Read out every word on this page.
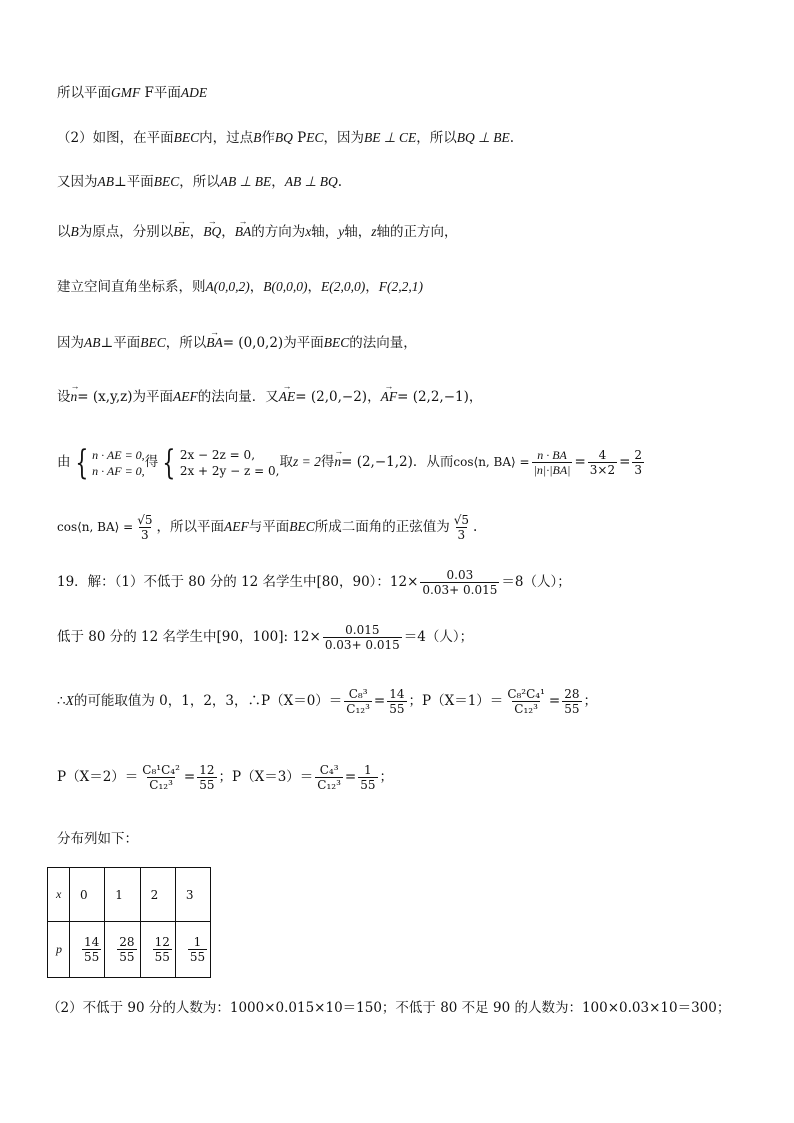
所以平面GMF F平面ADE
（2）如图，在平面BEC内，过点B作BQ PEC，因为BE ⊥ CE，所以BQ ⊥ BE.
又因为AB⊥平面BEC，所以AB ⊥ BE，AB ⊥ BQ.
以B为原点，分别以→ BE，→ BQ，→ BA的方向为x轴，y轴，z轴的正方向，
建立空间直角坐标系，则A(0,0,2)，B(0,0,0)，E(2,0,0)，F(2,2,1)
因为AB⊥平面BEC，所以→ BA= (0,0,2)为平面BEC的法向量，
设→ n= (x,y,z)为平面AEF的法向量．又→ AE= (2,0,−2)，→ AF= (2,2,−1)，
由 { n · AE = 0,
n · AF = 0,
得 { 2x − 2z = 0,
2x + 2y − z = 0,
取z = 2得→ n= (2,−1,2)．从而cos⟨n, BA⟩ = $\frac{n \cdot BA}{|n|\cdot|BA|} = \frac{4}{3\times 2} = \frac{2}{3}$
cos⟨n, BA⟩ = $\frac{√5}{3}$ ，所以平面AEF与平面BEC所成二面角的正弦值为 $\frac{√5}{3}$ .
19．解：（1）不低于 80 分的 12 名学生中[80，90）：$12\times \frac{0.03}{0.03+ 0.015} =8$（人）；
低于 80 分的 12 名学生中[90，100]: $12\times \frac{0.015}{0.03+ 0.015} =4$（人）；
∴X的可能取值为 0，1，2，3，∴P（X＝0）＝ $\frac{\text{C₈³}}{\text{C₁₂³}} = \frac{14}{55}$ ；$P(X=1)= \frac{\text{C₈²C₄¹}}{\text{C₁₂³}} = \frac{28}{55}$ ；
$P(X=2)= \frac{\text{C₈¹C₄²}}{\text{C₁₂³}} = \frac{12}{55}$ ；$P(X=3)= \frac{\text{C₄³}}{\text{C₁₂³}} = \frac{1}{55}$ ；
分布列如下：
x	0	1	2	3
p	$\frac{14}{55}$	$\frac{28}{55}$	$\frac{12}{55}$	$\frac{1}{55}$
（2）不低于 90 分的人数为：1000×0.015×10＝150；不低于 80 不足 90 的人数为：100×0.03×10＝300；
